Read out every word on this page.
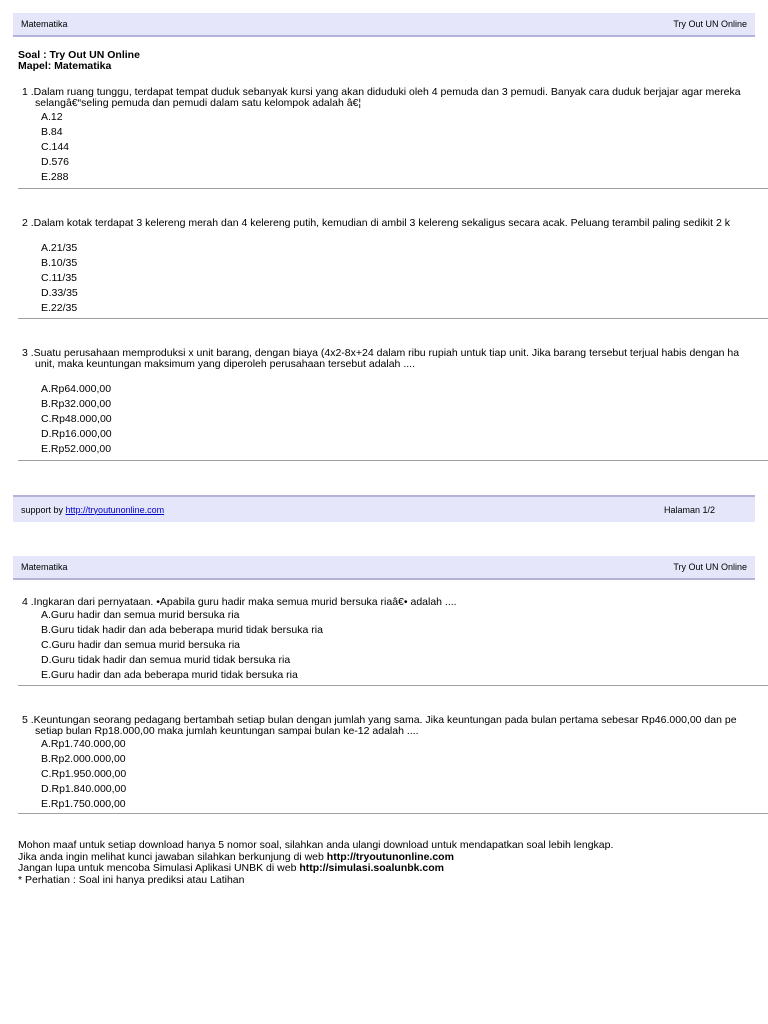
Matematika	Try Out UN Online
Soal : Try Out UN Online
Mapel: Matematika
1 .Dalam ruang tunggu, terdapat tempat duduk sebanyak kursi yang akan diduduki oleh 4 pemuda dan 3 pemudi. Banyak cara duduk berjajar agar mereka
selangâ€“seling pemuda dan pemudi dalam satu kelompok adalah â€¦
A.12
B.84
C.144
D.576
E.288
2 .Dalam kotak terdapat 3 kelereng merah dan 4 kelereng putih, kemudian di ambil 3 kelereng sekaligus secara acak. Peluang terambil paling sedikit 2 k
A.21/35
B.10/35
C.11/35
D.33/35
E.22/35
3 .Suatu perusahaan memproduksi x unit barang, dengan biaya (4x2-8x+24 dalam ribu rupiah untuk tiap unit. Jika barang tersebut terjual habis dengan ha
unit, maka keuntungan maksimum yang diperoleh perusahaan tersebut adalah ....
A.Rp64.000,00
B.Rp32.000,00
C.Rp48.000,00
D.Rp16.000,00
E.Rp52.000,00
support by http://tryoutunonline.com	Halaman 1/2
Matematika	Try Out UN Online
4 .Ingkaran dari pernyataan. •Apabila guru hadir maka semua murid bersuka riaâ€• adalah ....
A.Guru hadir dan semua murid bersuka ria
B.Guru tidak hadir dan ada beberapa murid tidak bersuka ria
C.Guru hadir dan semua murid bersuka ria
D.Guru tidak hadir dan semua murid tidak bersuka ria
E.Guru hadir dan ada beberapa murid tidak bersuka ria
5 .Keuntungan seorang pedagang bertambah setiap bulan dengan jumlah yang sama. Jika keuntungan pada bulan pertama sebesar Rp46.000,00 dan pe
setiap bulan Rp18.000,00 maka jumlah keuntungan sampai bulan ke-12 adalah ....
A.Rp1.740.000,00
B.Rp2.000.000,00
C.Rp1.950.000,00
D.Rp1.840.000,00
E.Rp1.750.000,00
Mohon maaf untuk setiap download hanya 5 nomor soal, silahkan anda ulangi download untuk mendapatkan soal lebih lengkap.
Jika anda ingin melihat kunci jawaban silahkan berkunjung di web http://tryoutunonline.com
Jangan lupa untuk mencoba Simulasi Aplikasi UNBK di web http://simulasi.soalunbk.com
* Perhatian : Soal ini hanya prediksi atau Latihan
